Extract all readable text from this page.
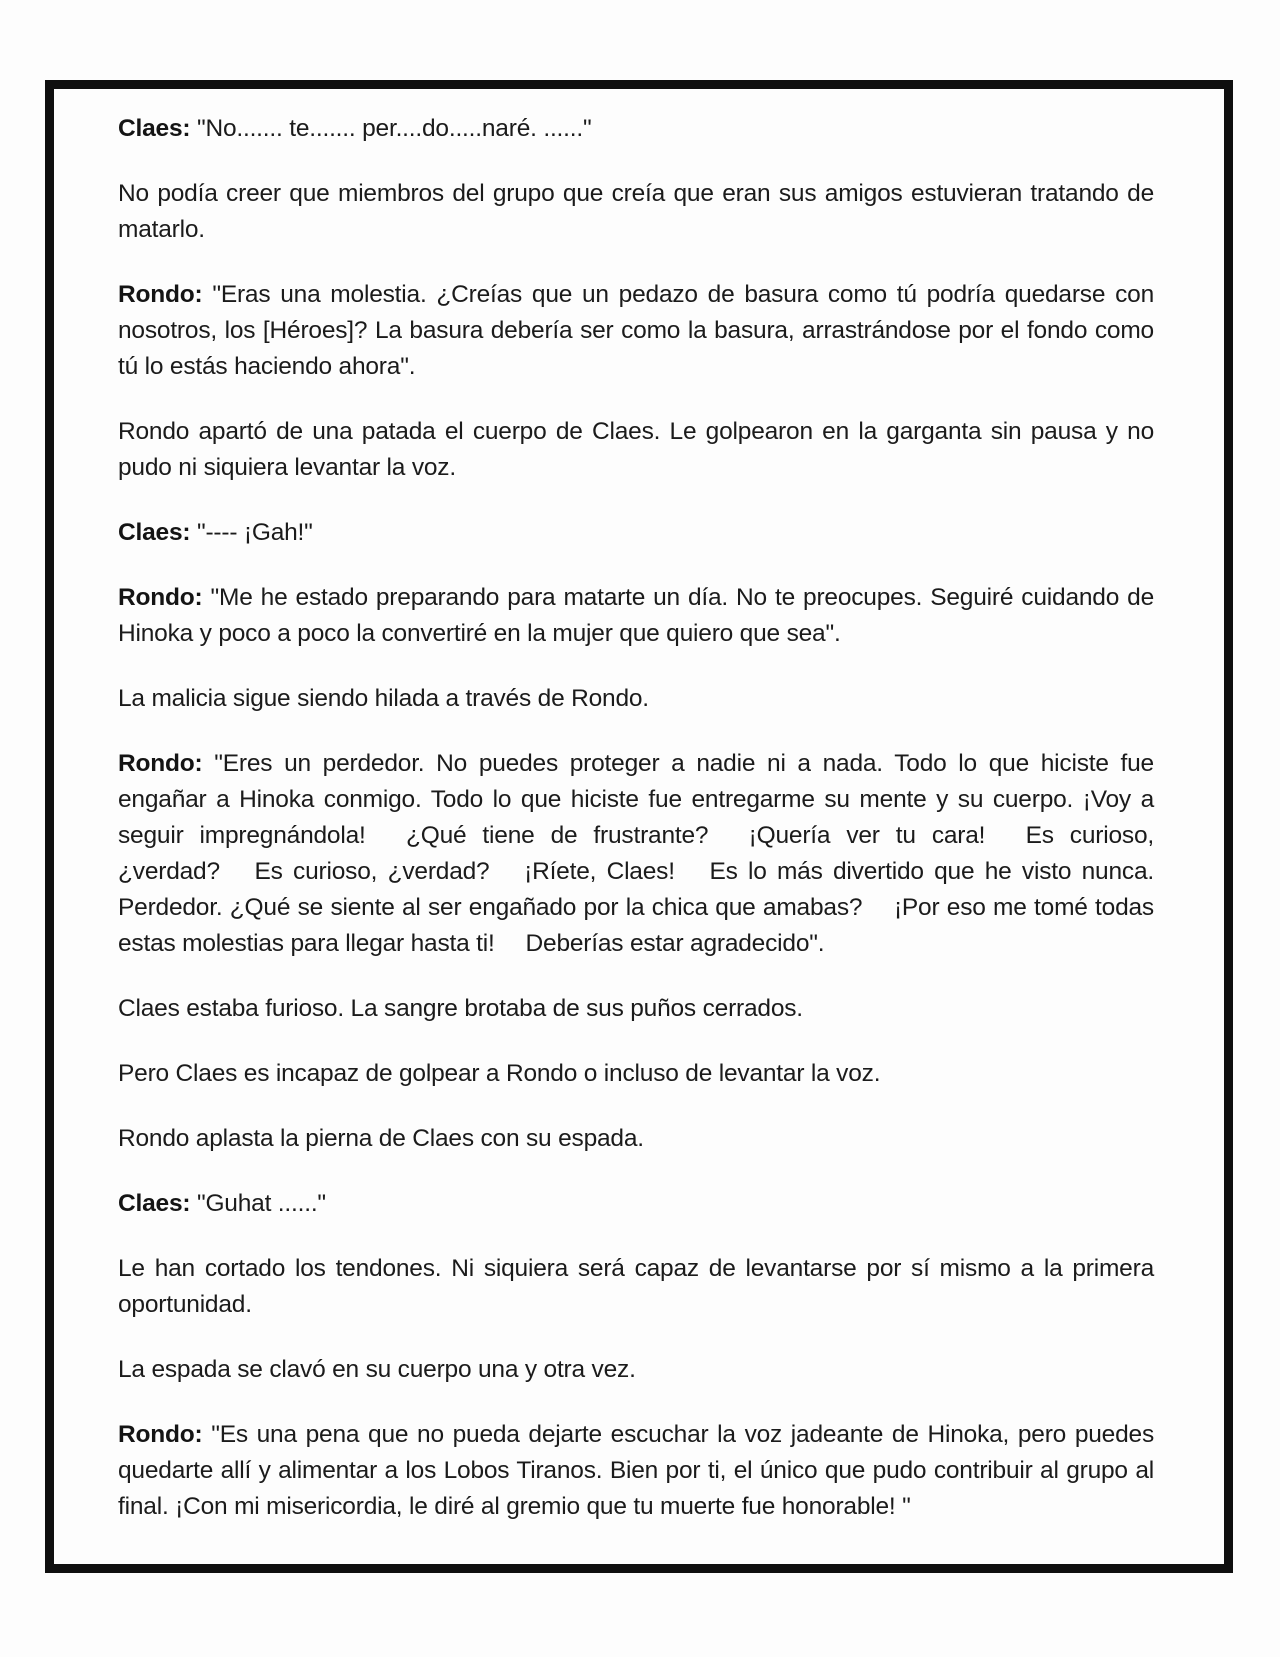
Claes: "No....... te....... per....do.....naré. ......"

No podía creer que miembros del grupo que creía que eran sus amigos estuvieran tratando de matarlo.

Rondo: "Eras una molestia. ¿Creías que un pedazo de basura como tú podría quedarse con nosotros, los [Héroes]? La basura debería ser como la basura, arrastrándose por el fondo como tú lo estás haciendo ahora".

Rondo apartó de una patada el cuerpo de Claes. Le golpearon en la garganta sin pausa y no pudo ni siquiera levantar la voz.

Claes: "---- ¡Gah!"

Rondo: "Me he estado preparando para matarte un día. No te preocupes. Seguiré cuidando de Hinoka y poco a poco la convertiré en la mujer que quiero que sea".

La malicia sigue siendo hilada a través de Rondo.

Rondo: "Eres un perdedor. No puedes proteger a nadie ni a nada. Todo lo que hiciste fue engañar a Hinoka conmigo. Todo lo que hiciste fue entregarme su mente y su cuerpo. ¡Voy a seguir impregnándola!  ¿Qué tiene de frustrante?  ¡Quería ver tu cara!  Es curioso, ¿verdad?  Es curioso, ¿verdad?  ¡Ríete, Claes!  Es lo más divertido que he visto nunca. Perdedor. ¿Qué se siente al ser engañado por la chica que amabas?  ¡Por eso me tomé todas estas molestias para llegar hasta ti!  Deberías estar agradecido".

Claes estaba furioso. La sangre brotaba de sus puños cerrados.

Pero Claes es incapaz de golpear a Rondo o incluso de levantar la voz.

Rondo aplasta la pierna de Claes con su espada.

Claes: "Guhat ......"

Le han cortado los tendones. Ni siquiera será capaz de levantarse por sí mismo a la primera oportunidad.

La espada se clavó en su cuerpo una y otra vez.

Rondo: "Es una pena que no pueda dejarte escuchar la voz jadeante de Hinoka, pero puedes quedarte allí y alimentar a los Lobos Tiranos. Bien por ti, el único que pudo contribuir al grupo al final. ¡Con mi misericordia, le diré al gremio que tu muerte fue honorable! "
